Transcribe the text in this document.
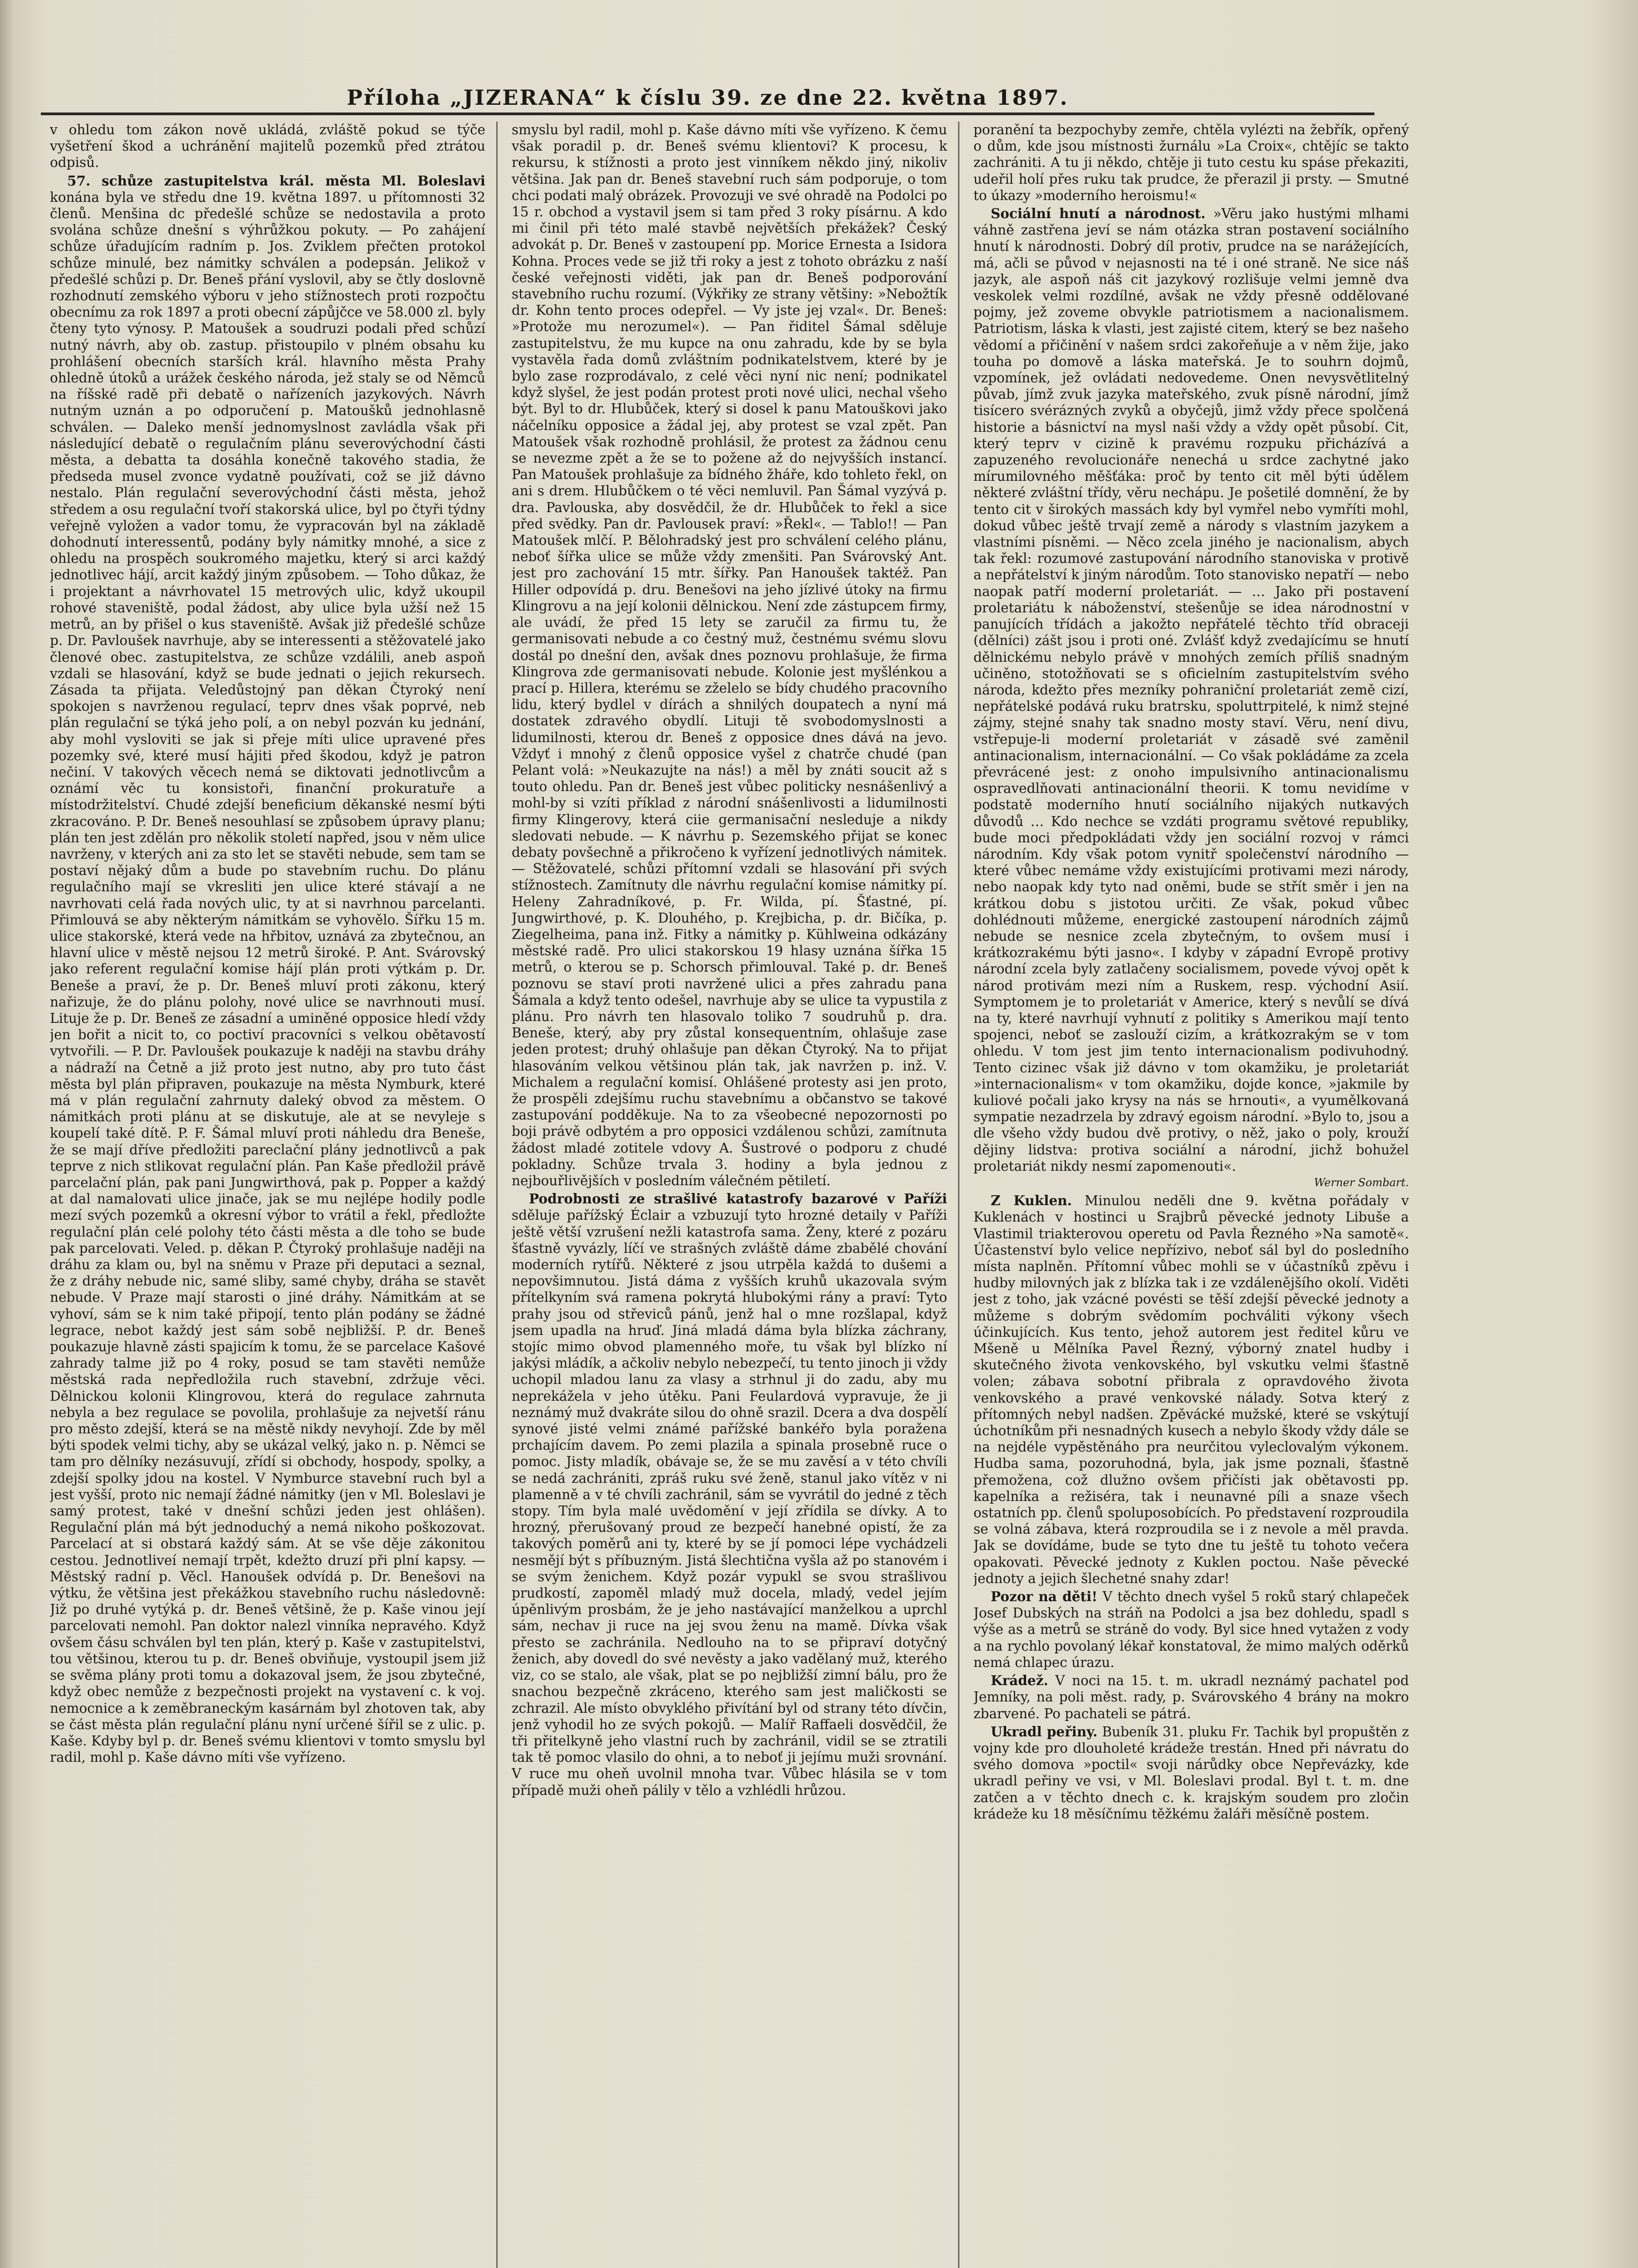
Příloha „JIZERANA“ k číslu 39. ze dne 22. května 1897.

v ohledu tom zákon nově ukládá, zvláště pokud se týče vyšetření škod a uchránění majitelů pozemků před ztrátou odpisů.

57. schůze zastupitelstva král. města Ml. Boleslavi konána byla ve středu dne 19. května 1897. u přítomnosti 32 členů. Menšina dc předešlé schůze se nedostavila a proto svolána schůze dnešní s výhrůžkou pokuty. — Po zahájení schůze úřadujícím radním p. Jos. Zviklem přečten protokol schůze minulé, bez námitky schválen a podepsán. Jelikož v předešlé schůzi p. Dr. Beneš přání vyslovil, aby se čtly doslovně rozhodnutí zemského výboru v jeho stížnostech proti rozpočtu obecnímu za rok 1897 a proti obecní zápůjčce ve 58.000 zl. byly čteny tyto výnosy. P. Matoušek a soudruzi podali před schůzí nutný návrh, aby ob. zastup. přistoupilo v plném obsahu ku prohlášení obecních starších král. hlavního města Prahy ohledně útoků a urážek českého národa, jež staly se od Němců na říšské radě při debatě o nařízeních jazykových. Návrh nutným uznán a po odporučení p. Matoušků jednohlasně schválen. — Daleko menší jednomyslnost zavládla však při následující debatě o regulačním plánu severovýchodní části města, a debatta ta dosáhla konečně takového stadia, že předseda musel zvonce vydatně používati, což se již dávno nestalo. Plán regulační severovýchodní části města, jehož středem a osu regulační tvoří stakorská ulice, byl po čtyři týdny veřejně vyložen a vador tomu, že vypracován byl na základě dohodnutí interessentů, podány byly námitky mnohé, a sice z ohledu na prospěch soukromého majetku, který si arci každý jednotlivec hájí, arcit každý jiným způsobem. — Toho důkaz, že i projektant a návrhovatel 15 metrových ulic, když ukoupil rohové staveniště, podal žádost, aby ulice byla užší než 15 metrů, an by přišel o kus staveniště. Avšak již předešlé schůze p. Dr. Pavloušek navrhuje, aby se interessenti a stěžovatelé jako členové obec. zastupitelstva, ze schůze vzdálili, aneb aspoň vzdali se hlasování, když se bude jednati o jejich rekursech. Zásada ta přijata. Veledůstojný pan děkan Čtyroký není spokojen s navrženou regulací, teprv dnes však poprvé, neb plán regulační se týká jeho polí, a on nebyl pozván ku jednání, aby mohl vysloviti se jak si přeje míti ulice upravené přes pozemky své, které musí hájiti před škodou, když je patron nečiní. V takových věcech nemá se diktovati jednotlivcům a oznámí věc tu konsistoři, finanční prokuratuře a místodržitelství. Chudé zdejší beneficium děkanské nesmí býti zkracováno. P. Dr. Beneš nesouhlasí se způsobem úpravy planu; plán ten jest zdělán pro několik století napřed, jsou v něm ulice navrženy, v kterých ani za sto let se stavěti nebude, sem tam se postaví nějaký dům a bude po stavebním ruchu. Do plánu regulačního mají se vkresliti jen ulice které stávají a ne navrhovati celá řada nových ulic, ty at si navrhnou parcelanti. Přimlouvá se aby některým námitkám se vyhovělo. Šířku 15 m. ulice stakorské, která vede na hřbitov, uznává za zbytečnou, an hlavní ulice v městě nejsou 12 metrů široké. P. Ant. Svárovský jako referent regulační komise hájí plán proti výtkám p. Dr. Beneše a praví, že p. Dr. Beneš mluví proti zákonu, který nařizuje, že do plánu polohy, nové ulice se navrhnouti musí. Lituje že p. Dr. Beneš ze zásadní a uminěné opposice hledí vždy jen bořit a nicit to, co poctiví pracovníci s velkou obětavostí vytvořili. — P. Dr. Pavloušek poukazuje k naději na stavbu dráhy a nádraží na Četně a již proto jest nutno, aby pro tuto část města byl plán připraven, poukazuje na města Nymburk, které má v plán regulační zahrnuty daleký obvod za městem. O námitkách proti plánu at se diskutuje, ale at se nevyleje s koupelí také dítě. P. F. Šámal mluví proti náhledu dra Beneše, že se mají dříve předložiti pareclační plány jednotlivců a pak teprve z nich stlikovat regulační plán. Pan Kaše předložil právě parcelační plán, pak pani Jungwirthová, pak p. Popper a každý at dal namalovati ulice jinače, jak se mu nejlépe hodily podle mezí svých pozemků a okresní výbor to vrátil a řekl, předložte regulační plán celé polohy této části města a dle toho se bude pak parcelovati. Veled. p. děkan P. Čtyroký prohlašuje naději na dráhu za klam ou, byl na sněmu v Praze při deputaci a seznal, že z dráhy nebude nic, samé sliby, samé chyby, dráha se stavět nebude. V Praze mají starosti o jiné dráhy. Námitkám at se vyhoví, sám se k nim také připojí, tento plán podány se žádné legrace, nebot každý jest sám sobě nejbližší. P. dr. Beneš poukazuje hlavně zásti spajicím k tomu, že se parcelace Kašové zahrady talme již po 4 roky, posud se tam stavěti nemůže městská rada nepředložila ruch stavební, zdržuje věci. Dělnickou kolonii Klingrovou, která do regulace zahrnuta nebyla a bez regulace se povolila, prohlašuje za nejvetší ránu pro město zdejší, která se na městě nikdy nevyhojí. Zde by měl býti spodek velmi tichy, aby se ukázal velký, jako n. p. Němci se tam pro dělníky nezásuvují, zřídí si obchody, hospody, spolky, a zdejší spolky jdou na kostel. V Nymburce stavební ruch byl a jest vyšší, proto nic nemají žádné námitky (jen v Ml. Boleslavi je samý protest, také v dnešní schůzi jeden jest ohlášen). Regulační plán má být jednoduchý a nemá nikoho poškozovat. Parcelací at si obstará každý sám. At se vše děje zákonitou cestou. Jednotliveí nemají trpět, kdežto druzí při plní kapsy. — Městský radní p. Věcl. Hanoušek odvídá p. Dr. Benešovi na výtku, že většina jest překážkou stavebního ruchu následovně: Již po druhé vytýká p. dr. Beneš většině, že p. Kaše vinou její parcelovati nemohl. Pan doktor nalezl vinníka nepravého. Když ovšem čásu schválen byl ten plán, který p. Kaše v zastupitelstvi, tou většinou, kterou tu p. dr. Beneš obviňuje, vystoupil jsem již se svěma plány proti tomu a dokazoval jsem, že jsou zbytečné, když obec nemůže z bezpečnosti projekt na vystavení c. k voj. nemocnice a k zeměbraneckým kasárnám byl zhotoven tak, aby se část města plán regulační plánu nyní určené šířil se z ulic. p. Kaše. Kdyby byl p. dr. Beneš svému klientovi v tomto smyslu byl radil, mohl p. Kaše dávno míti vše vyřízeno.

smyslu byl radil, mohl p. Kaše dávno míti vše vyřízeno. K čemu však poradil p. dr. Beneš svému klientovi? K procesu, k rekursu, k stížnosti a proto jest vinníkem někdo jiný, nikoliv většina. Jak pan dr. Beneš stavební ruch sám podporuje, o tom chci podati malý obrázek. Provozuji ve své ohradě na Podolci po 15 r. obchod a vystavil jsem si tam před 3 roky písárnu. A kdo mi činil při této malé stavbě největších překážek? Český advokát p. Dr. Beneš v zastoupení pp. Morice Ernesta a Isidora Kohna. Proces vede se již tři roky a jest z tohoto obrázku z naší české veřejnosti viděti, jak pan dr. Beneš podporování stavebního ruchu rozumí. (Výkřiky ze strany většiny: »Nebožtík dr. Kohn tento proces odepřel. — Vy jste jej vzal«. Dr. Beneš: »Protože mu nerozumel«). — Pan řiditel Šámal sděluje zastupitelstvu, že mu kupce na onu zahradu, kde by se byla vystavěla řada domů zvláštním podnikatelstvem, které by je bylo zase rozprodávalo, z celé věci nyní nic není; podnikatel když slyšel, že jest podán protest proti nové ulici, nechal všeho být. Byl to dr. Hlubůček, který si dosel k panu Matouškovi jako náčelníku opposice a žádal jej, aby protest se vzal zpět. Pan Matoušek však rozhodně prohlásil, že protest za žádnou cenu se nevezme zpět a že se to požene až do nejvyšších instancí. Pan Matoušek prohlašuje za bídného žháře, kdo tohleto řekl, on ani s drem. Hlubůčkem o té věci nemluvil. Pan Šámal vyzývá p. dra. Pavlouska, aby dosvědčil, že dr. Hlubůček to řekl a sice před svědky. Pan dr. Pavlousek praví: »Řekl«. — Tablo!! — Pan Matoušek mlčí. P. Bělohradský jest pro schválení celého plánu, neboť šířka ulice se může vždy zmenšiti. Pan Svárovský Ant. jest pro zachování 15 mtr. šířky. Pan Hanoušek taktéž. Pan Hiller odpovídá p. dru. Benešovi na jeho jízlivé útoky na firmu Klingrovu a na její kolonii dělnickou. Není zde zástupcem firmy, ale uvádí, že před 15 lety se zaručil za firmu tu, že germanisovati nebude a co čestný muž, čestnému svému slovu dostál po dnešní den, avšak dnes poznovu prohlašuje, že firma Klingrova zde germanisovati nebude. Kolonie jest myšlénkou a prací p. Hillera, kterému se zželelo se bídy chudého pracovního lidu, který bydlel v dírách a shnilých doupatech a nyní má dostatek zdravého obydlí. Lituji tě svobodomyslnosti a lidumilnosti, kterou dr. Beneš z opposice dnes dává na jevo. Vždyť i mnohý z členů opposice vyšel z chatrče chudé (pan Pelant volá: »Neukazujte na nás!) a měl by znáti soucit až s touto ohledu. Pan dr. Beneš jest vůbec politicky nesnášenlivý a mohl-by si vzíti příklad z národní snášenlivosti a lidumilnosti firmy Klingerovy, která ciie germanisační nesleduje a nikdy sledovati nebude. — K návrhu p. Sezemského přijat se konec debaty povšechně a přikročeno k vyřízení jednotlivých námitek. — Stěžovatelé, schůzi přítomní vzdali se hlasování při svých stížnostech. Zamítnuty dle návrhu regulační komise námitky pí. Heleny Zahradníkové, p. Fr. Wilda, pí. Šťastné, pí. Jungwirthové, p. K. Dlouhého, p. Krejbicha, p. dr. Bičíka, p. Ziegelheima, pana inž. Fitky a námitky p. Kühlweina odkázány městské radě. Pro ulici stakorskou 19 hlasy uznána šířka 15 metrů, o kterou se p. Schorsch přimlouval. Také p. dr. Beneš poznovu se staví proti navržené ulici a přes zahradu pana Šámala a když tento odešel, navrhuje aby se ulice ta vypustila z plánu. Pro návrh ten hlasovalo toliko 7 soudruhů p. dra. Beneše, který, aby pry zůstal konsequentním, ohlašuje zase jeden protest; druhý ohlašuje pan děkan Čtyroký. Na to přijat hlasováním velkou většinou plán tak, jak navržen p. inž. V. Michalem a regulační komisí. Ohlášené protesty asi jen proto, že prospěli zdejšímu ruchu stavebnímu a občanstvo se takové zastupování podděkuje. Na to za všeobecné nepozornosti po boji právě odbytém a pro opposici vzdálenou schůzi, zamítnuta žádost mladé zotitele vdovy A. Šustrové o podporu z chudé pokladny. Schůze trvala 3. hodiny a byla jednou z nejbouřlivějších v posledním válečném pětiletí.

Podrobnosti ze strašlivé katastrofy bazarové v Paříži sděluje pařížský Éclair a vzbuzují tyto hrozné detaily v Paříži ještě větší vzrušení nežli katastrofa sama. Ženy, které z pozáru šťastně vyvázly, líčí ve strašných zvláště dáme zbabělé chování moderních rytířů. Některé z jsou utrpěla každá to dušemi a nepovšimnutou. Jistá dáma z vyšších kruhů ukazovala svým přítelkyním svá ramena pokrytá hlubokými rány a praví: Tyto prahy jsou od střeviců pánů, jenž hal o mne rozšlapal, když jsem upadla na hruď. Jiná mladá dáma byla blízka záchrany, stojíc mimo obvod plamenného moře, tu však byl blízko ní jakýsi mládík, a ačkoliv nebylo nebezpečí, tu tento jinoch ji vždy uchopil mladou lanu za vlasy a strhnul ji do zadu, aby mu neprekážela v jeho útěku. Pani Feulardová vypravuje, že ji neznámý muž dvakráte silou do ohně srazil. Dcera a dva dospělí synové jisté velmi známé pařížské bankéřo byla poražena prchajícím davem. Po zemi plazila a spinala prosebně ruce o pomoc. Jisty mladík, obávaje se, že se mu zavěsí a v této chvíli se nedá zachrániti, zpráš ruku své ženě, stanul jako vítěz v ni plamenně a v té chvíli zachránil, sám se vyvrátil do jedné z těch stopy. Tím byla malé uvědomění v její zřídila se dívky. A to hrozný, přerušovaný proud ze bezpečí hanebné opistí, že za takových poměrů ani ty, které by se jí pomoci lépe vychádzeli nesmějí být s příbuzným. Jistá šlechtična vyšla až po stanovém i se svým ženichem. Když pozár vypukl se svou strašlivou prudkostí, zapoměl mladý muž docela, mladý, vedel jejím úpěnlivým prosbám, že je jeho nastávající manželkou a uprchl sám, nechav ji ruce na jej svou ženu na mamě. Dívka však přesto se zachránila. Nedlouho na to se připraví dotyčný ženich, aby dovedl do své nevěsty a jako vadělaný muž, kterého viz, co se stalo, ale však, plat se po nejbližší zimní bálu, pro že snachou bezpečně zkráceno, kterého sam jest maličkosti se zchrazil. Ale místo obvyklého přivítání byl od strany této dívčin, jenž vyhodil ho ze svých pokojů. — Malíř Raffaeli dosvědčil, že tři přitelkyně jeho vlastní ruch by zachránil, vidil se se ztratili tak tě pomoc vlasilo do ohni, a to neboť ji jejímu muži srovnání. V ruce mu oheň uvolnil mnoha tvar. Vůbec hlásila se v tom případě muži oheň pálily v tělo a vzhlédli hrůzou.

poranění ta bezpochyby zemře, chtěla vylézti na žebřík, opřený o dům, kde jsou místnosti žurnálu »La Croix«, chtějíc se takto zachrániti. A tu ji někdo, chtěje ji tuto cestu ku spáse překaziti, udeřil holí přes ruku tak prudce, že přerazil ji prsty. — Smutné to úkazy »moderního heroismu!«

Sociální hnutí a národnost. »Věru jako hustými mlhami váhně zastřena jeví se nám otázka stran postavení sociálního hnutí k národnosti. Dobrý díl protiv, prudce na se narážejících, má, ačli se původ v nejasnosti na té i oné straně. Ne sice náš jazyk, ale aspoň náš cit jazykový rozlišuje velmi jemně dva veskolek velmi rozdílné, avšak ne vždy přesně oddělované pojmy, jež zoveme obvykle patriotismem a nacionalismem. Patriotism, láska k vlasti, jest zajisté citem, který se bez našeho vědomí a přičinění v našem srdci zakořeňuje a v něm žije, jako touha po domově a láska mateřská. Je to souhrn dojmů, vzpomínek, jež ovládati nedovedeme. Onen nevysvětlitelný půvab, jímž zvuk jazyka mateřského, zvuk písně národní, jímž tisícero svérázných zvyků a obyčejů, jimž vždy přece spolčená historie a básnictví na mysl naši vždy a vždy opět působí. Cit, který teprv v cizině k pravému rozpuku přicházívá a zapuzeného revolucionáře nenechá u srdce zachytné jako mírumilovného měšťáka: proč by tento cit měl býti údělem některé zvláštní třídy, věru nechápu. Je pošetilé domnění, že by tento cit v širokých massách kdy byl vymřel nebo vymříti mohl, dokud vůbec ještě trvají země a národy s vlastním jazykem a vlastními písněmi. — Něco zcela jiného je nacionalism, abych tak řekl: rozumové zastupování národního stanoviska v protivě a nepřátelství k jiným národům. Toto stanovisko nepatří — nebo naopak patří moderní proletariát. — … Jako při postavení proletariátu k náboženství, stešenůje se idea národnostní v panujících třídách a jakožto nepřátelé těchto tříd obraceji (dělníci) zášt jsou i proti oné. Zvlášť když zvedajícímu se hnutí dělnickému nebylo právě v mnohých zemích příliš snadným učiněno, stotožňovati se s oficielním zastupitelstvím svého národa, kdežto přes mezníky pohraniční proletariát země cizí, nepřátelské podává ruku bratrsku, spoluttrpitelé, k nimž stejné zájmy, stejné snahy tak snadno mosty staví. Věru, není divu, vstřepuje-li moderní proletariát v zásadě své zaměnil antinacionalism, internacionální. — Co však pokládáme za zcela převrácené jest: z onoho impulsivního antinacionalismu ospravedlňovati antinacionální theorii. K tomu nevidíme v podstatě moderního hnutí sociálního nijakých nutkavých důvodů … Kdo nechce se vzdáti programu světové republiky, bude moci předpokládati vždy jen sociální rozvoj v rámci národním. Kdy však potom vynitř společenství národního — které vůbec nemáme vždy existujícími protivami mezi národy, nebo naopak kdy tyto nad oněmi, bude se střít směr i jen na krátkou dobu s jistotou určiti. Ze však, pokud vůbec dohlédnouti můžeme, energické zastoupení národních zájmů nebude se nesnice zcela zbytečným, to ovšem musí i krátkozrakému býti jasno«. I kdyby v západní Evropě protivy národní zcela byly zatlačeny socialismem, povede vývoj opět k národ protivám mezi ním a Ruskem, resp. východní Asií. Symptomem je to proletariát v Americe, který s nevůlí se dívá na ty, které navrhují vyhnutí z politiky s Amerikou mají tento spojenci, neboť se zaslouží cizím, a krátkozrakým se v tom ohledu. V tom jest jim tento internacionalism podivuhodný. Tento cizinec však již dávno v tom okamžiku, je proletariát »internacionalism« v tom okamžiku, dojde konce, »jakmile by kuliové počali jako krysy na nás se hrnouti«, a vyumělkovaná sympatie nezadrzela by zdravý egoism národní. »Bylo to, jsou a dle všeho vždy budou dvě protivy, o něž, jako o poly, krouží dějiny lidstva: protiva sociální a národní, jichž bohužel proletariát nikdy nesmí zapomenouti«.
Werner Sombart.

Z Kuklen. Minulou neděli dne 9. května pořádaly v Kuklenách v hostinci u Srajbrů pěvecké jednoty Libuše a Vlastimil triakterovou operetu od Pavla Řezného »Na samotě«. Účastenství bylo velice nepřízivo, neboť sál byl do posledního místa naplněn. Přítomní vůbec mohli se v účastníků zpěvu i hudby milovných jak z blízka tak i ze vzdálenějšího okolí. Viděti jest z toho, jak vzácné povésti se těší zdejší pěvecké jednoty a můžeme s dobrým svědomím pochváliti výkony všech účinkujících. Kus tento, jehož autorem jest ředitel kůru ve Mšeně u Mělníka Pavel Řezný, výborný znatel hudby i skutečného života venkovského, byl vskutku velmi šťastně volen; zábava sobotní přibrala z opravdového života venkovského a pravé venkovské nálady. Sotva který z přítomných nebyl nadšen. Zpěvácké mužské, které se vskýtují úchotníkům při nesnadných kusech a nebylo škody vždy dále se na nejdéle vypěstěnáho pra neurčitou vyleclovalým výkonem. Hudba sama, pozoruhodná, byla, jak jsme poznali, šťastně přemožena, což dlužno ovšem přičísti jak obětavosti pp. kapelníka a režiséra, tak i neunavné píli a snaze všech ostatních pp. členů spoluposobících. Po představení rozproudila se volná zábava, která rozproudila se i z nevole a měl pravda. Jak se dovídáme, bude se tyto dne tu ještě tu tohoto večera opakovati. Pěvecké jednoty z Kuklen poctou. Naše pěvecké jednoty a jejich šlechetné snahy zdar!

Pozor na děti! V těchto dnech vyšel 5 roků starý chlapeček Josef Dubských na stráň na Podolci a jsa bez dohledu, spadl s výše as a metrů se stráně do vody. Byl sice hned vytažen z vody a na rychlo povolaný lékař konstatoval, že mimo malých oděrků nemá chlapec úrazu.

Krádež. V noci na 15. t. m. ukradl neznámý pachatel pod Jemníky, na poli měst. rady, p. Svárovského 4 brány na mokro zbarvené. Po pachateli se pátrá.

Ukradl peřiny. Bubeník 31. pluku Fr. Tachik byl propuštěn z vojny kde pro dlouholeté krádeže trestán. Hned při návratu do svého domova »poctil« svoji nárůdky obce Nepřevázky, kde ukradl peřiny ve vsi, v Ml. Boleslavi prodal. Byl t. t. m. dne zatčen a v těchto dnech c. k. krajským soudem pro zločin krádeže ku 18 měsíčnímu těžkému žaláři měsíčně postem.
